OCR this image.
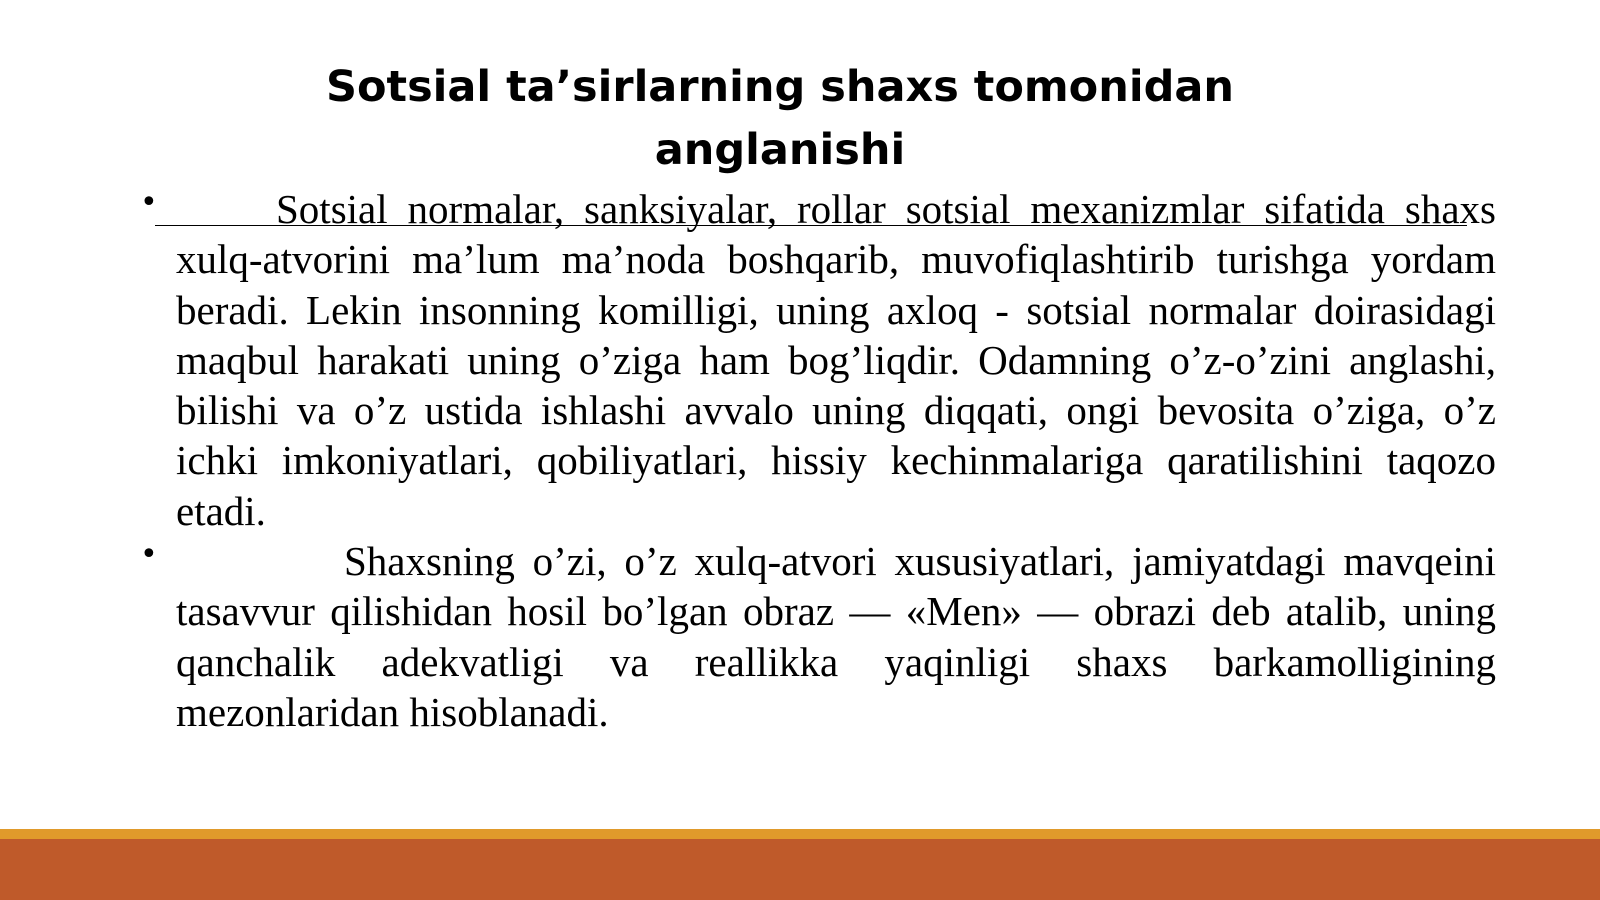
Sotsial ta’sirlarning shaxs tomonidan
anglanishi
•	Sotsial normalar, sanksiyalar, rollar sotsial mexanizmlar sifatida shaxs xulq-atvorini ma’lum ma’noda boshqarib, muvofiqlashtirib turishga yordam beradi. Lekin insonning komilligi, uning axloq - sotsial normalar doirasidagi maqbul harakati uning o’ziga ham bog’liqdir. Odamning o’z-o’zini anglashi, bilishi va o’z ustida ishlashi avvalo uning diqqati, ongi bevosita o’ziga, o’z ichki imkoniyatlari, qobiliyatlari, hissiy kechinmalariga qaratilishini taqozo etadi.
•	Shaxsning o’zi, o’z xulq-atvori xususiyatlari, jamiyatdagi mavqeini tasavvur qilishidan hosil bo’lgan obraz — «Men» — obrazi deb atalib, uning qanchalik adekvatligi va reallikka yaqinligi shaxs barkamolligining mezonlaridan hisoblanadi.
